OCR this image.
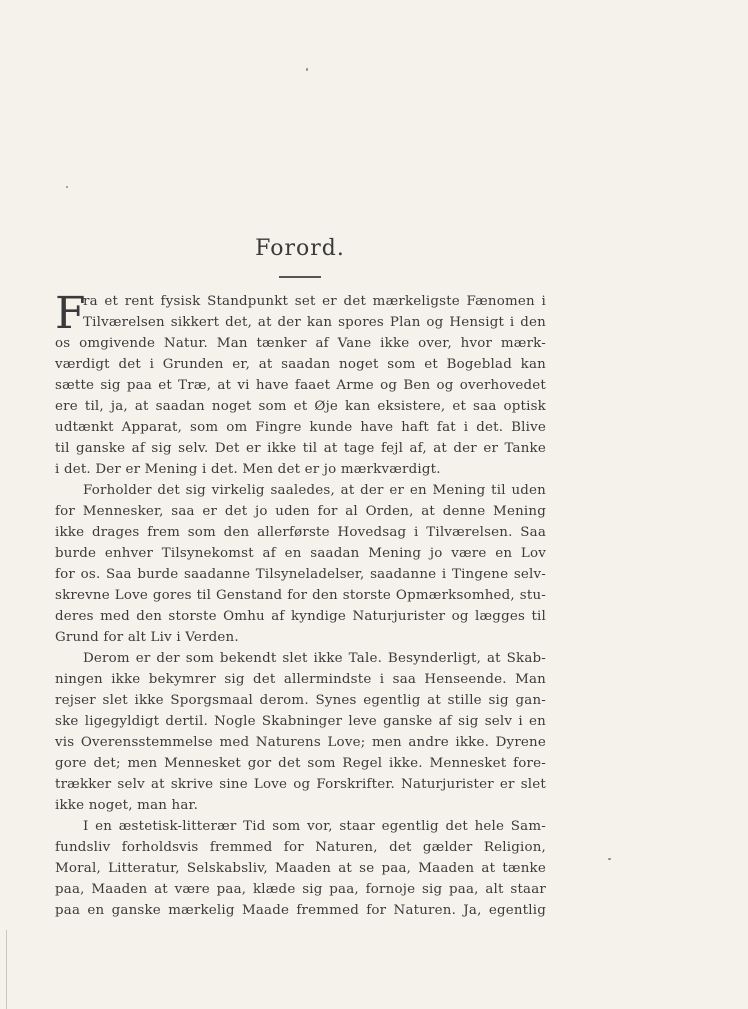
Forord.
ra et rent fysisk Standpunkt set er det mærkeligste Fænomen i
Tilværelsen sikkert det, at der kan spores Plan og Hensigt i den
os omgivende Natur. Man tænker af Vane ikke over, hvor mærk-
værdigt det i Grunden er, at saadan noget som et Bogeblad kan
sætte sig paa et Træ, at vi have faaet Arme og Ben og overhovedet
ere til, ja, at saadan noget som et Øje kan eksistere, et saa optisk
udtænkt Apparat, som om Fingre kunde have haft fat i det. Blive
til ganske af sig selv. Det er ikke til at tage fejl af, at der er Tanke
i det. Der er Mening i det. Men det er jo mærkværdigt.
F
Forholder det sig virkelig saaledes, at der er en Mening til uden
for Mennesker, saa er det jo uden for al Orden, at denne Mening
ikke drages frem som den allerførste Hovedsag i Tilværelsen. Saa
burde enhver Tilsynekomst af en saadan Mening jo være en Lov
for os. Saa burde saadanne Tilsyneladelser, saadanne i Tingene selv-
skrevne Love gores til Genstand for den storste Opmærksomhed, stu-
deres med den storste Omhu af kyndige Naturjurister og lægges til
Grund for alt Liv i Verden.
Derom er der som bekendt slet ikke Tale. Besynderligt, at Skab-
ningen ikke bekymrer sig det allermindste i saa Henseende. Man
rejser slet ikke Sporgsmaal derom. Synes egentlig at stille sig gan-
ske ligegyldigt dertil. Nogle Skabninger leve ganske af sig selv i en
vis Overensstemmelse med Naturens Love; men andre ikke. Dyrene
gore det; men Mennesket gor det som Regel ikke. Mennesket fore-
trækker selv at skrive sine Love og Forskrifter. Naturjurister er slet
ikke noget, man har.
I en æstetisk-litterær Tid som vor, staar egentlig det hele Sam-
fundsliv forholdsvis fremmed for Naturen, det gælder Religion,
Moral, Litteratur, Selskabsliv, Maaden at se paa, Maaden at tænke
paa, Maaden at være paa, klæde sig paa, fornoje sig paa, alt staar
paa en ganske mærkelig Maade fremmed for Naturen. Ja, egentlig
